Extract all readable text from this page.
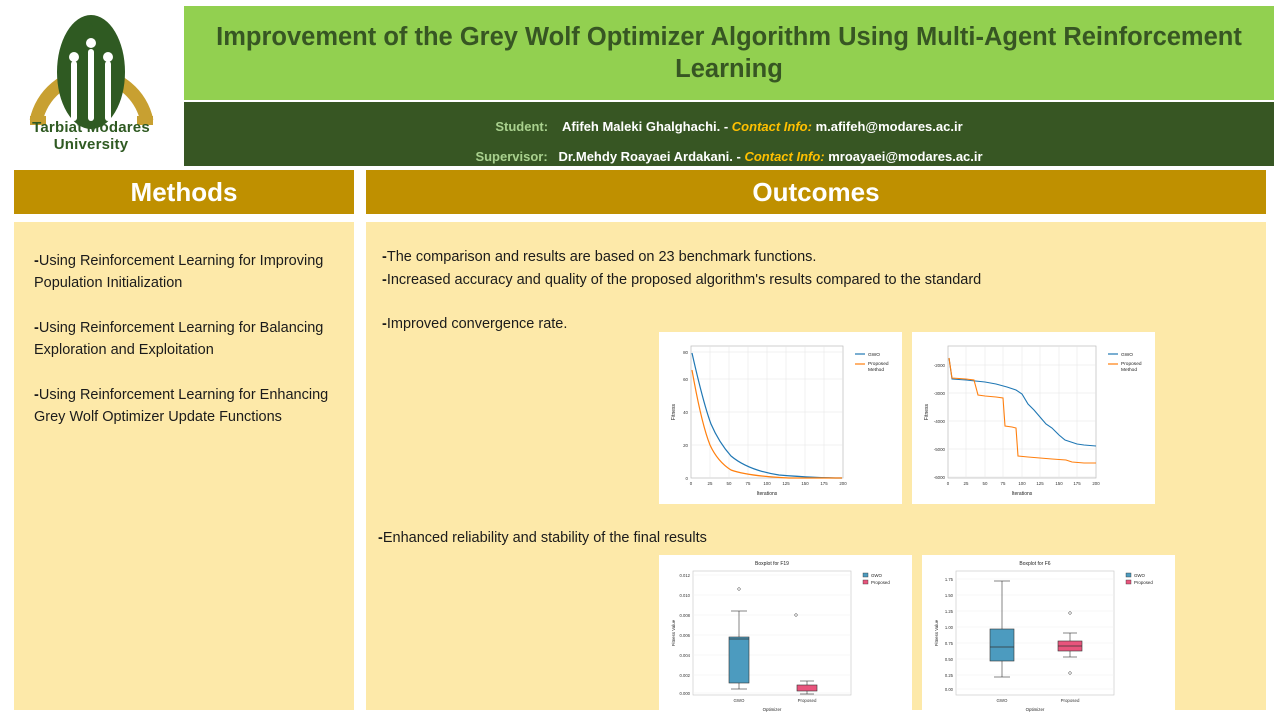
Tarbiat Modares
University
Improvement of the Grey Wolf Optimizer Algorithm Using Multi-Agent Reinforcement Learning
Student: Afifeh Maleki Ghalghachi. - Contact Info: m.afifeh@modares.ac.ir
Supervisor: Dr.Mehdy Roayaei Ardakani. - Contact Info: mroayaei@modares.ac.ir
Methods
-Using Reinforcement Learning for Improving Population Initialization
-Using Reinforcement Learning for Balancing Exploration and Exploitation
-Using Reinforcement Learning for Enhancing Grey Wolf Optimizer Update Functions
Outcomes
-The comparison and results are based on 23 benchmark functions.
-Increased accuracy and quality of the proposed algorithm's results compared to the standard
-Improved convergence rate.
-Enhanced reliability and stability of the final results
0
20
40
60
80
0	25	50	75	100	125	150	175	200
Iterations
Fitness
GWO
Proposed
Method
-2000
-3000
-4000
-5000
-6000
0	25	50	75	100 125	150 175	200
Iterations
Fitness
GWO
Proposed
Method
Boxplot for F19
0.012
0.010
0.008
0.006
0.004
0.002
0.000
GWO	Proposed
Optimizer
Fitness Value
GWO
Proposed
Boxplot for F6
1.75
1.50
1.25
1.00
0.75
0.50
0.25
0.00
GWO	Proposed
Optimizer
Fitness Value
GWO
Proposed
